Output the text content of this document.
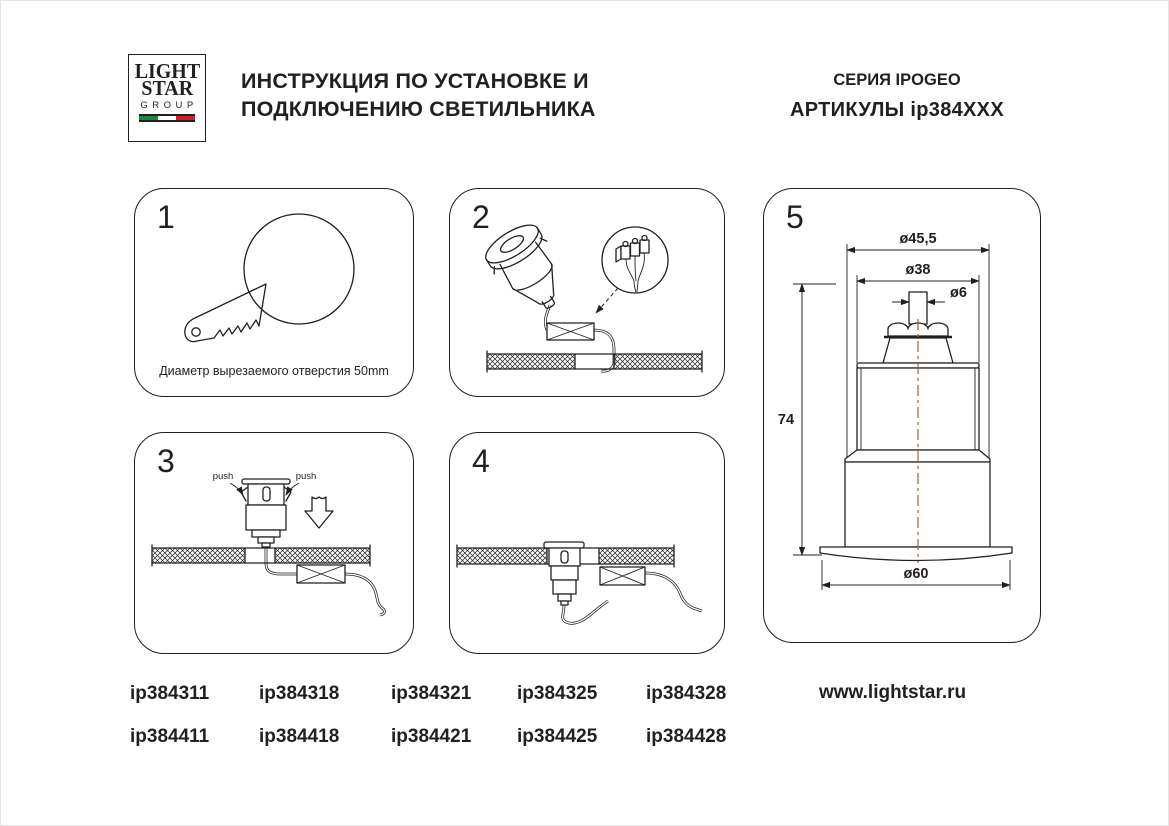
LIGHT
STAR
GROUP
ИНСТРУКЦИЯ ПО УСТАНОВКЕ И
ПОДКЛЮЧЕНИЮ СВЕТИЛЬНИКА
СЕРИЯ IPOGEO
АРТИКУЛЫ ip384XXX
1
Диаметр вырезаемого отверстия 50mm
2
3	push	push	4
5
ø45,5
ø38
ø6
74
ø60
ip384311	ip384318	ip384321 ip384325	ip384328
ip384411	ip384418	ip384421 ip384425	ip384428
www.lightstar.ru
